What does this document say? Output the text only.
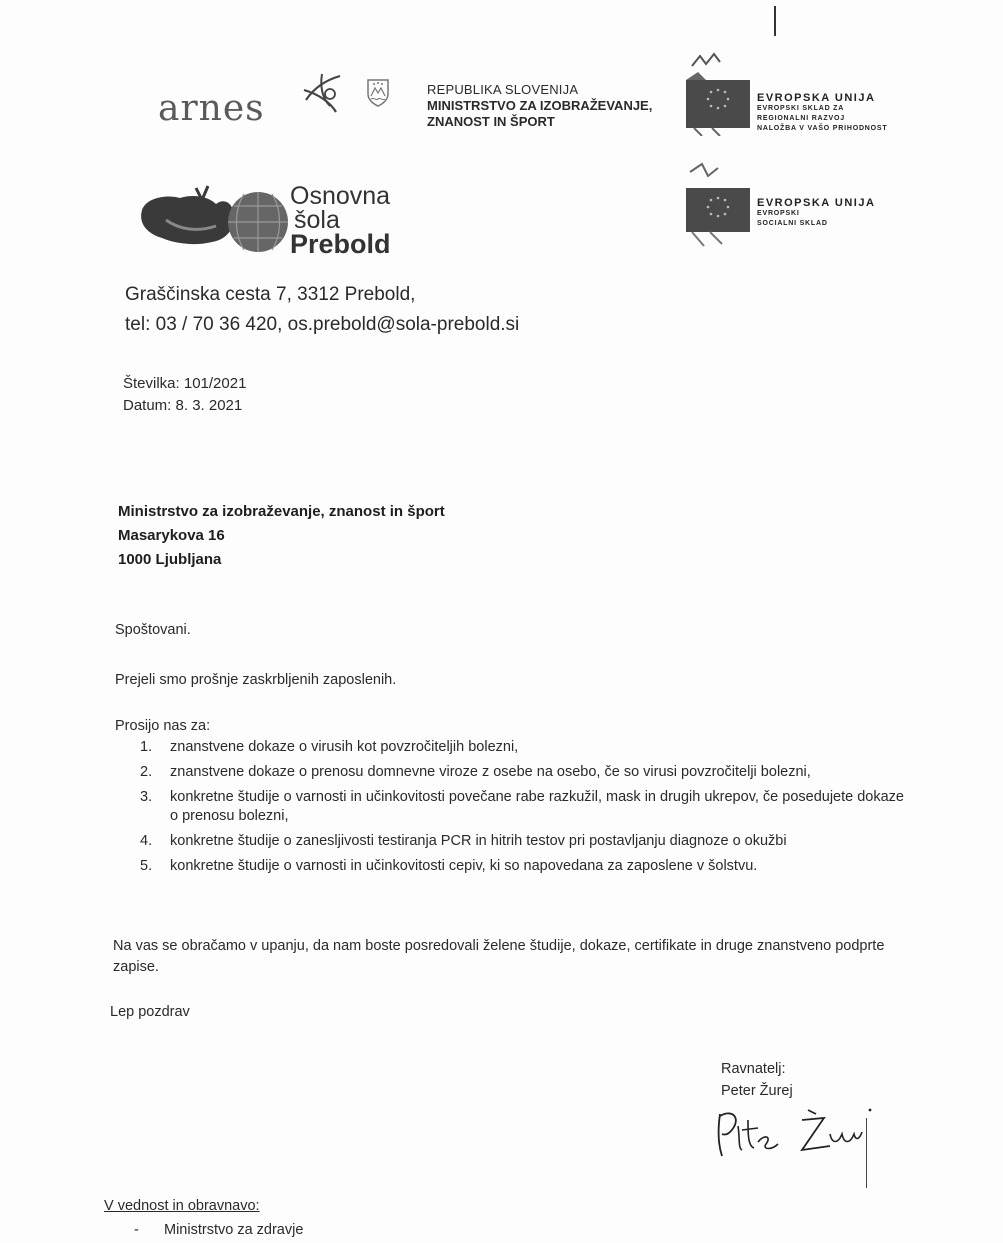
arnes	REPUBLIKA SLOVENIJA
MINISTRSTVO ZA IZOBRAŽEVANJE,
ZNANOST IN ŠPORT
EVROPSKA UNIJA
EVROPSKI SKLAD ZA
REGIONALNI RAZVOJ
NALOŽBA V VAŠO PRIHODNOST
EVROPSKA UNIJA
EVROPSKI
SOCIALNI SKLAD
Osnovna
šola
Prebold
Graščinska cesta 7, 3312 Prebold,
tel: 03 / 70 36 420, os.prebold@sola-prebold.si
Številka: 101/2021
Datum: 8. 3. 2021
Ministrstvo za izobraževanje, znanost in šport
Masarykova 16
1000 Ljubljana
Spoštovani.
Prejeli smo prošnje zaskrbljenih zaposlenih.
Prosijo nas za:
1.	znanstvene dokaze o virusih kot povzročiteljih bolezni,
2.	znanstvene dokaze o prenosu domnevne viroze z osebe na osebo, če so virusi povzročitelji bolezni,
3.	konkretne študije o varnosti in učinkovitosti povečane rabe razkužil, mask in drugih ukrepov, če posedujete dokaze o prenosu bolezni,
4.	konkretne študije o zanesljivosti testiranja PCR in hitrih testov pri postavljanju diagnoze o okužbi
5.	konkretne študije o varnosti in učinkovitosti cepiv, ki so napovedana za zaposlene v šolstvu.
Na vas se obračamo v upanju, da nam boste posredovali želene študije, dokaze, certifikate in druge znanstveno podprte zapise.
Lep pozdrav
Ravnatelj:
Peter Žurej
V vednost in obravnavo:
- Ministrstvo za zdravje
